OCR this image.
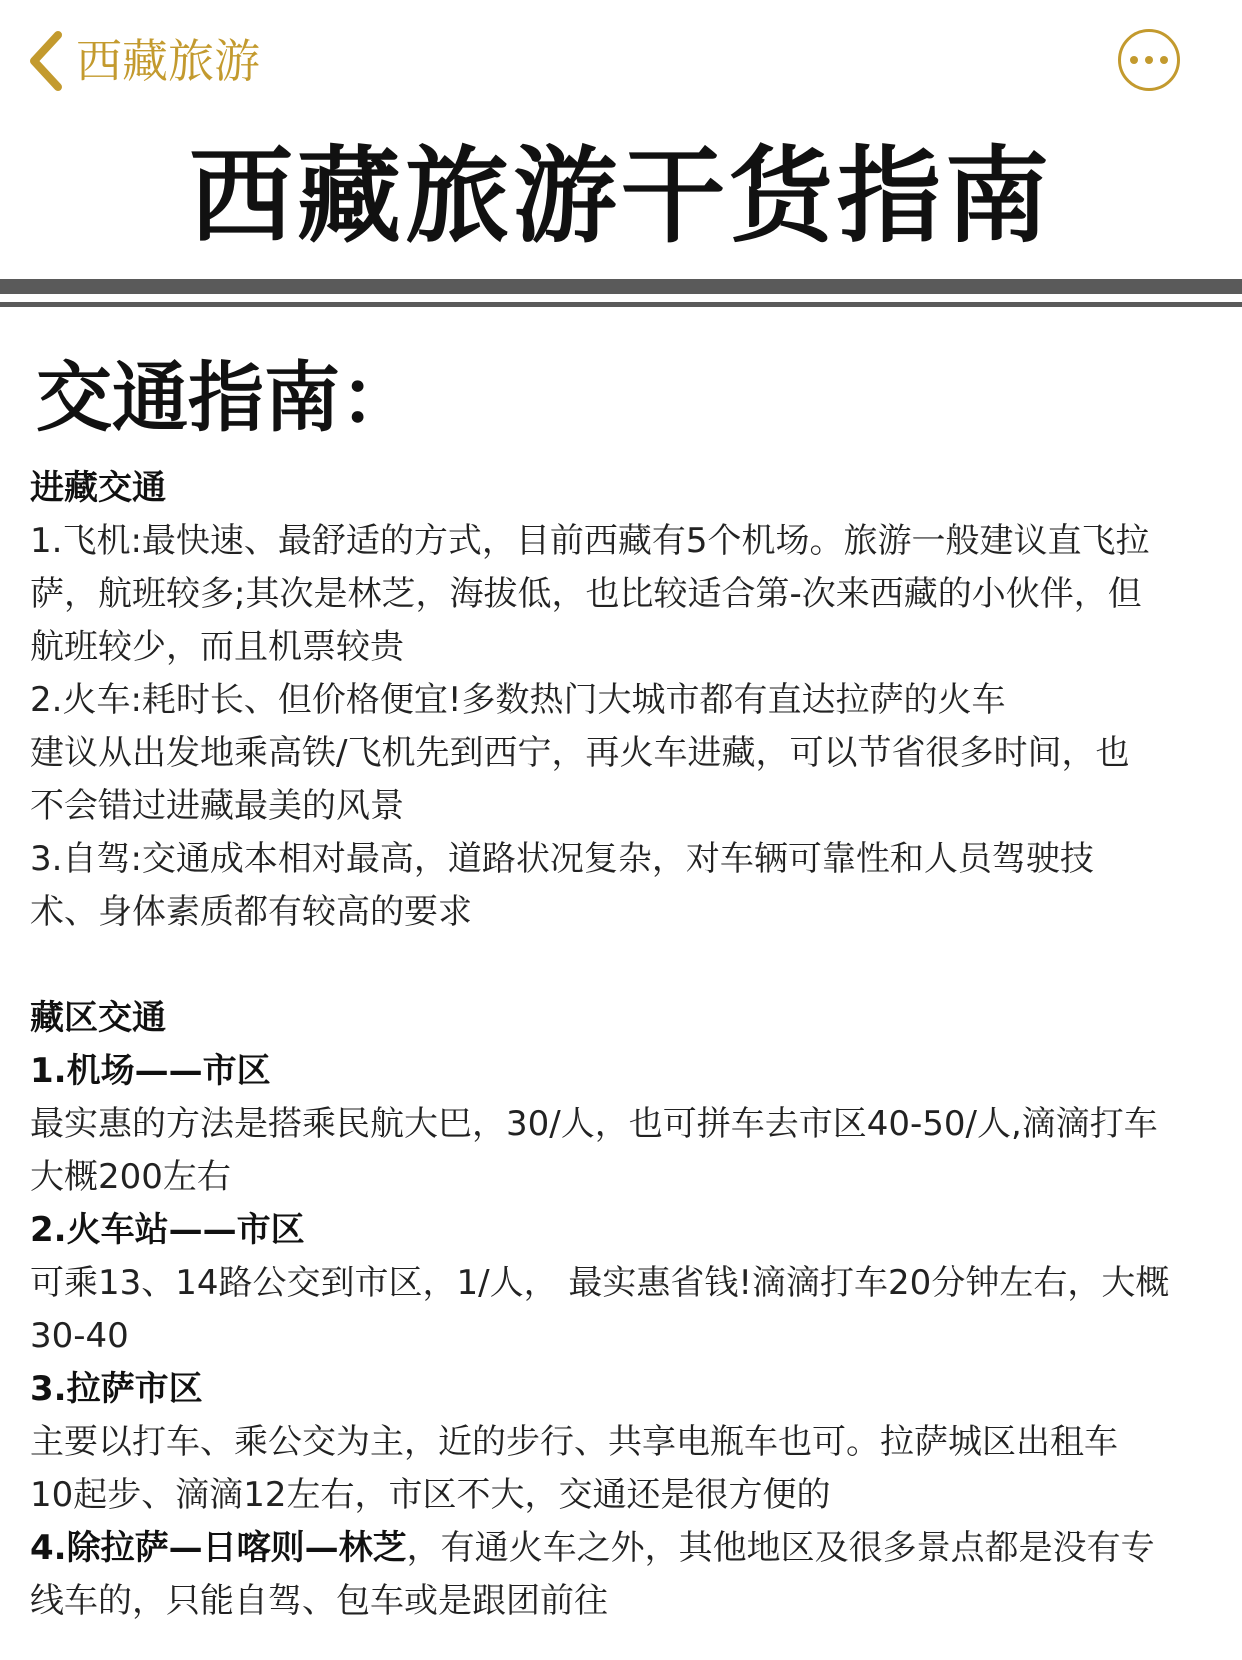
西藏旅游
西藏旅游干货指南
交通指南：
进藏交通
1.飞机:最快速、最舒适的方式，目前西藏有5个机场。旅游一般建议直飞拉
萨，航班较多;其次是林芝，海拔低，也比较适合第-次来西藏的小伙伴，但
航班较少，而且机票较贵
2.火车:耗时长、但价格便宜!多数热门大城市都有直达拉萨的火车
建议从出发地乘高铁/飞机先到西宁，再火车进藏，可以节省很多时间，也
不会错过进藏最美的风景
3.自驾:交通成本相对最高，道路状况复杂，对车辆可靠性和人员驾驶技
术、身体素质都有较高的要求
藏区交通
1.机场——市区
最实惠的方法是搭乘民航大巴，30/人，也可拼车去市区40-50/人,滴滴打车
大概200左右
2.火车站——市区
可乘13、14路公交到市区，1/人， 最实惠省钱!滴滴打车20分钟左右，大概
30-40
3.拉萨市区
主要以打车、乘公交为主，近的步行、共享电瓶车也可。拉萨城区出租车
10起步、滴滴12左右，市区不大，交通还是很方便的
4.除拉萨—日喀则—林芝，有通火车之外，其他地区及很多景点都是没有专
线车的，只能自驾、包车或是跟团前往
